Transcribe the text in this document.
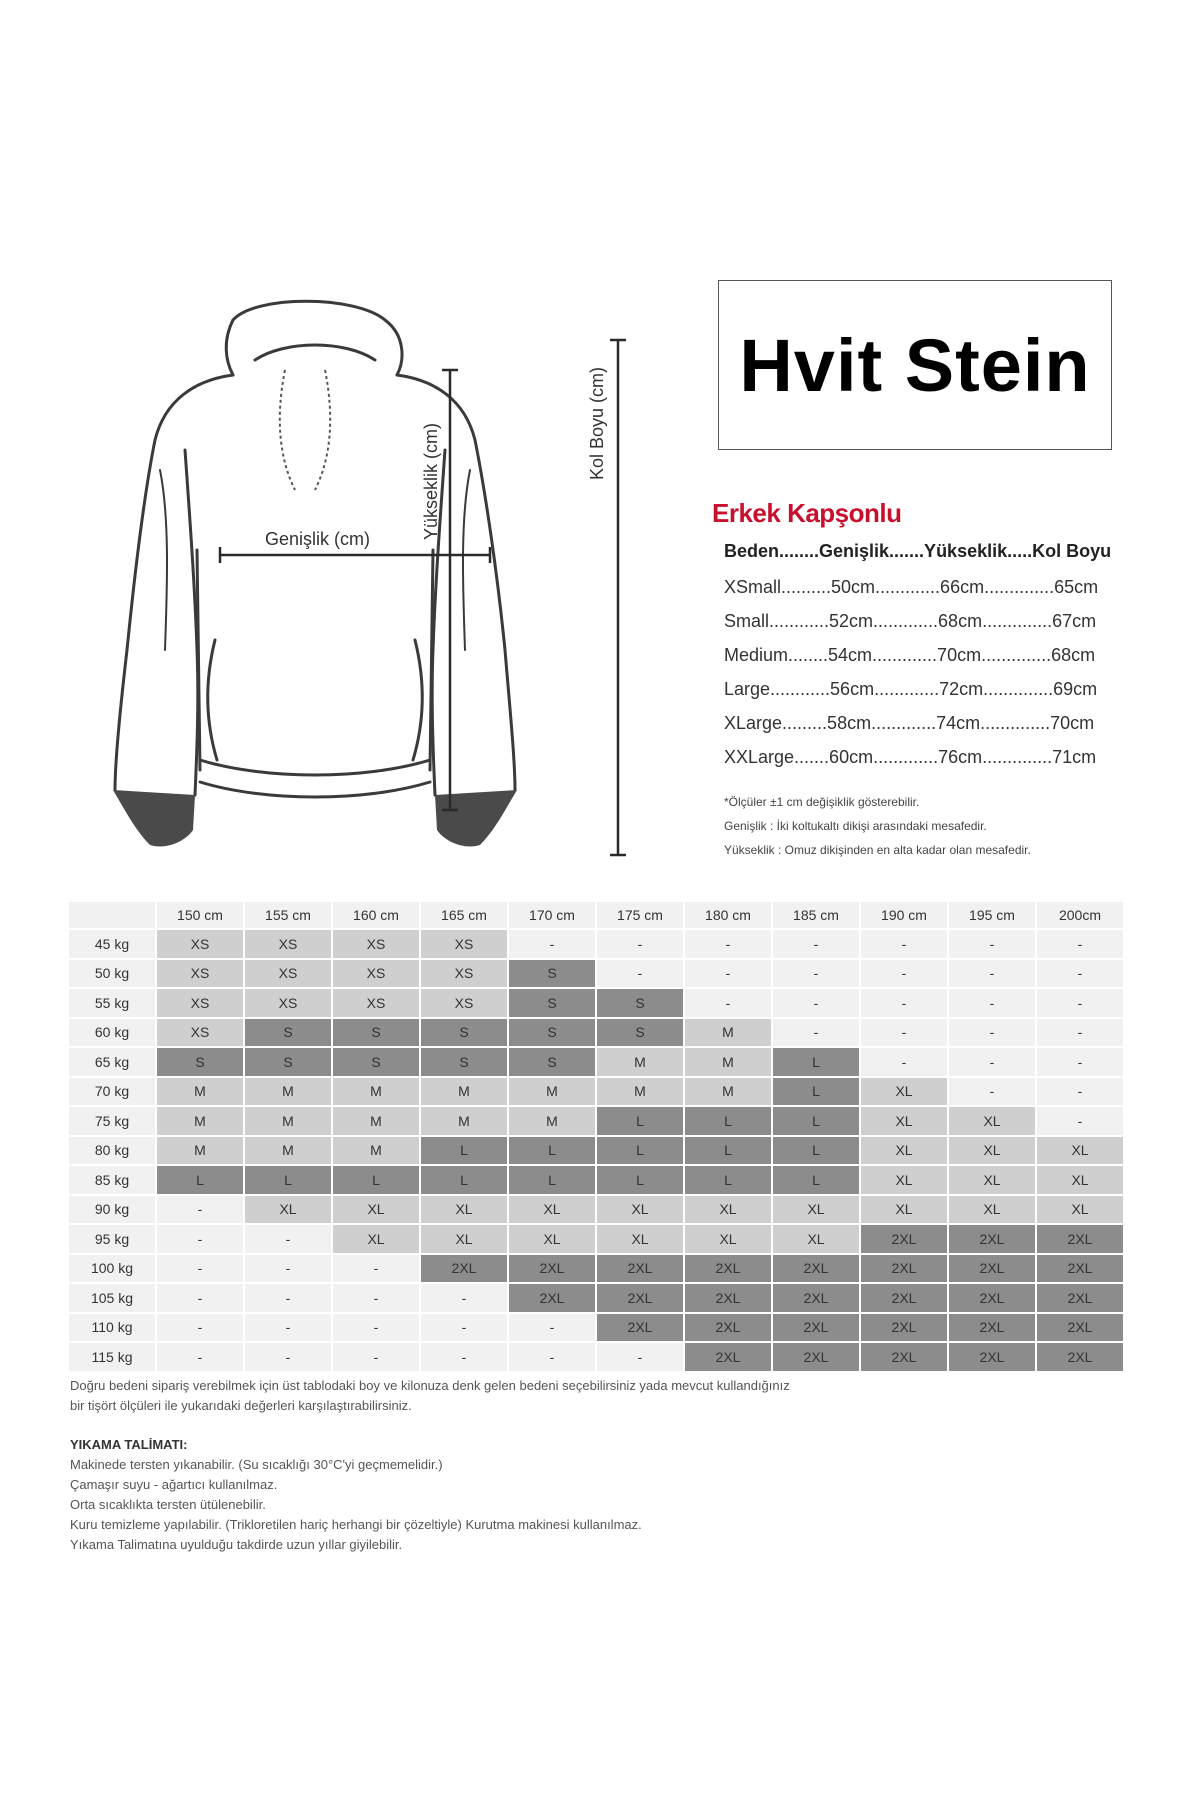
Genişlik (cm)	Yükseklik (cm)	Kol Boyu (cm)
Hvit Stein
Erkek Kapşonlu
Beden........Genişlik.......Yükseklik.....Kol Boyu
XSmall..........50cm.............66cm..............65cm
Small............52cm.............68cm..............67cm
Medium........54cm.............70cm..............68cm
Large............56cm.............72cm..............69cm
XLarge.........58cm.............74cm..............70cm
XXLarge.......60cm.............76cm..............71cm
*Ölçüler ±1 cm değişiklik gösterebilir.
Genişlik : İki koltukaltı dikişi arasındaki mesafedir.
Yükseklik : Omuz dikişinden en alta kadar olan mesafedir.
	150 cm	155 cm	160 cm	165 cm	170 cm	175 cm	180 cm	185 cm	190 cm	195 cm	200cm
45 kg	XS	XS	XS	XS	-	-	-	-	-	-	-
50 kg	XS	XS	XS	XS	S	-	-	-	-	-	-
55 kg	XS	XS	XS	XS	S	S	-	-	-	-	-
60 kg	XS	S	S	S	S	S	M	-	-	-	-
65 kg	S	S	S	S	S	M	M	L	-	-	-
70 kg	M	M	M	M	M	M	M	L	XL	-	-
75 kg	M	M	M	M	M	L	L	L	XL	XL	-
80 kg	M	M	M	L	L	L	L	L	XL	XL	XL
85 kg	L	L	L	L	L	L	L	L	XL	XL	XL
90 kg	-	XL	XL	XL	XL	XL	XL	XL	XL	XL	XL
95 kg	-	-	XL	XL	XL	XL	XL	XL	2XL	2XL	2XL
100 kg	-	-	-	2XL	2XL	2XL	2XL	2XL	2XL	2XL	2XL
105 kg	-	-	-	-	2XL	2XL	2XL	2XL	2XL	2XL	2XL
110 kg	-	-	-	-	-	2XL	2XL	2XL	2XL	2XL	2XL
115 kg	-	-	-	-	-	-	2XL	2XL	2XL	2XL	2XL
Doğru bedeni sipariş verebilmek için üst tablodaki boy ve kilonuza denk gelen bedeni seçebilirsiniz yada mevcut kullandığınız
bir tişört ölçüleri ile yukarıdaki değerleri karşılaştırabilirsiniz.
YIKAMA TALİMATI:
Makinede tersten yıkanabilir. (Su sıcaklığı 30°C'yi geçmemelidir.)
Çamaşır suyu - ağartıcı kullanılmaz.
Orta sıcaklıkta tersten ütülenebilir.
Kuru temizleme yapılabilir. (Trikloretilen hariç herhangi bir çözeltiyle) Kurutma makinesi kullanılmaz.
Yıkama Talimatına uyulduğu takdirde uzun yıllar giyilebilir.
